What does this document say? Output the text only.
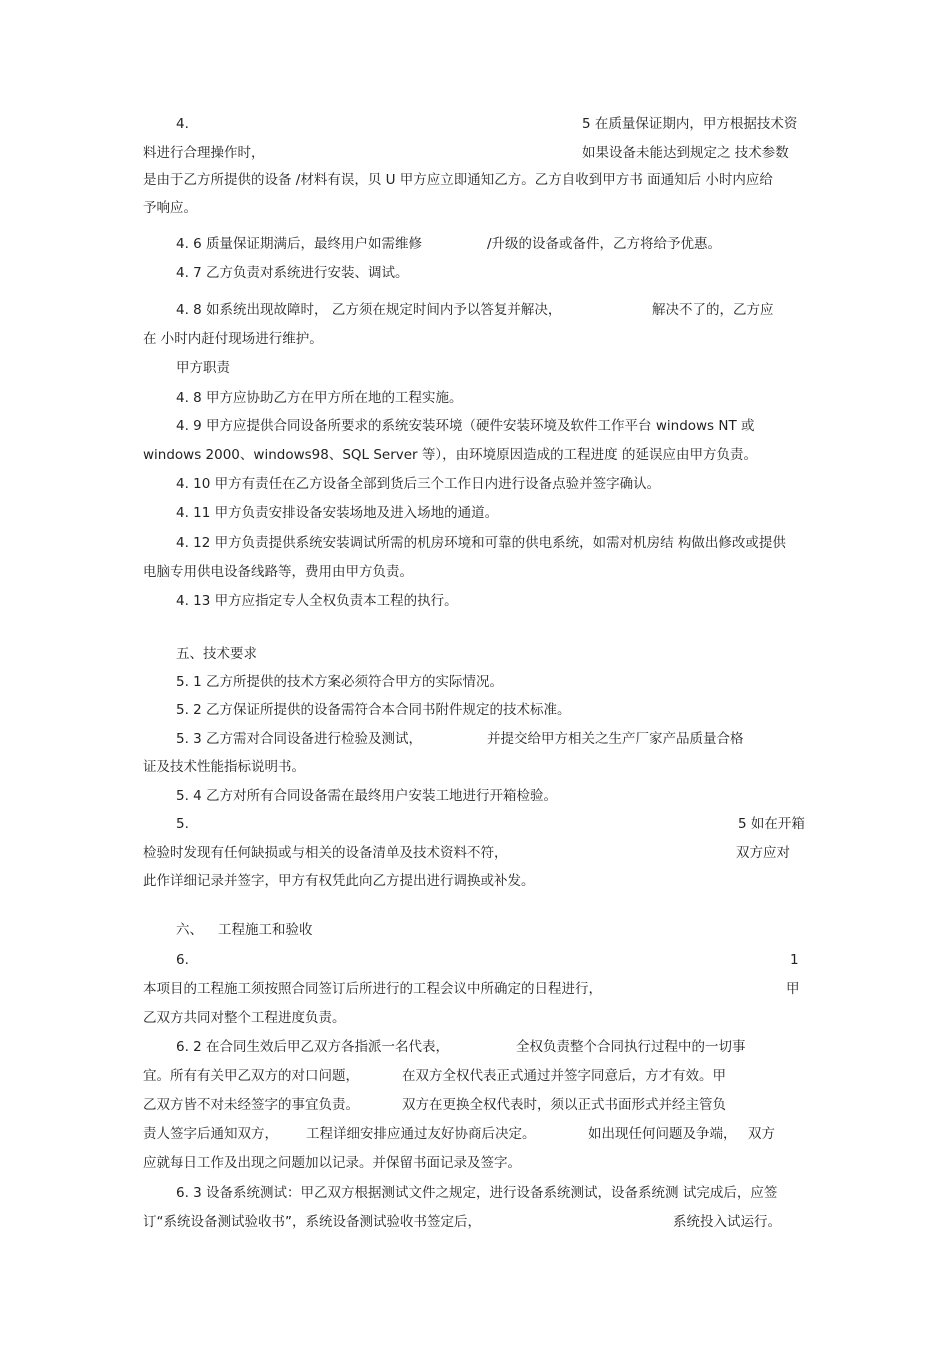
4.	5 在质量保证期内，甲方根据技术资
料进行合理操作时，	如果设备未能达到规定之 技术参数
是由于乙方所提供的设备 /材料有误，贝 U 甲方应立即通知乙方。乙方自收到甲方书 面通知后 小时内应给
予响应。
4. 6 质量保证期满后，最终用户如需维修	/升级的设备或备件，乙方将给予优惠。
4. 7 乙方负责对系统进行安装、调试。
4. 8 如系统出现故障时， 乙方须在规定时间内予以答复并解决，	解决不了的，乙方应
在 小时内赶付现场进行维护。
甲方职责
4. 8 甲方应协助乙方在甲方所在地的工程实施。
4. 9 甲方应提供合同设备所要求的系统安装环境（硬件安装环境及软件工作平台 windows NT 或
windows 2000、windows98、SQL Server 等），由环境原因造成的工程进度 的延误应由甲方负责。
4. 10 甲方有责任在乙方设备全部到货后三个工作日内进行设备点验并签字确认。
4. 11 甲方负责安排设备安装场地及进入场地的通道。
4. 12 甲方负责提供系统安装调试所需的机房环境和可靠的供电系统，如需对机房结 构做出修改或提供
电脑专用供电设备线路等，费用由甲方负责。
4. 13 甲方应指定专人全权负责本工程的执行。
五、技术要求
5. 1 乙方所提供的技术方案必须符合甲方的实际情况。
5. 2 乙方保证所提供的设备需符合本合同书附件规定的技术标准。
5. 3 乙方需对合同设备进行检验及测试，	并提交给甲方相关之生产厂家产品质量合格
证及技术性能指标说明书。
5. 4 乙方对所有合同设备需在最终用户安装工地进行开箱检验。
5.	5 如在开箱
检验时发现有任何缺损或与相关的设备清单及技术资料不符，	双方应对
此作详细记录并签字，甲方有权凭此向乙方提出进行调换或补发。
六、 工程施工和验收
6.	1
本项目的工程施工须按照合同签订后所进行的工程会议中所确定的日程进行，	甲
乙双方共同对整个工程进度负责。
6. 2 在合同生效后甲乙双方各指派一名代表，	全权负责整个合同执行过程中的一切事
宜。所有有关甲乙双方的对口问题，	在双方全权代表正式通过并签字同意后，方才有效。甲
乙双方皆不对未经签字的事宜负责。	双方在更换全权代表时，须以正式书面形式并经主管负
责人签字后通知双方， 工程详细安排应通过友好协商后决定。	如出现任何问题及争端， 双方
应就每日工作及出现之问题加以记录。并保留书面记录及签字。
6. 3 设备系统测试：甲乙双方根据测试文件之规定，进行设备系统测试，设备系统测 试完成后，应签
订“系统设备测试验收书”，系统设备测试验收书签定后，	系统投入试运行。
